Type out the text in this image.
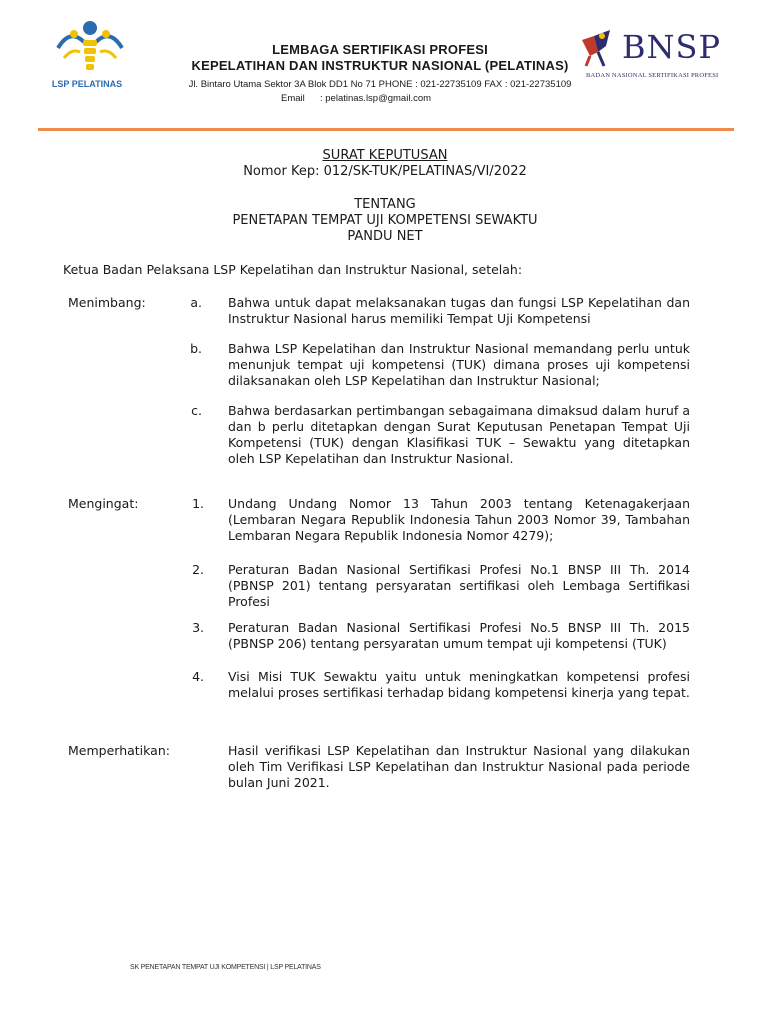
LSP PELATINAS
LEMBAGA SERTIFIKASI PROFESI
KEPELATIHAN DAN INSTRUKTUR NASIONAL (PELATINAS)
Jl. Bintaro Utama Sektor 3A Blok DD1 No 71 PHONE : 021-22735109 FAX : 021-22735109
Email : pelatinas.lsp@gmail.com
BNSP
BADAN NASIONAL SERTIFIKASI PROFESI
SURAT KEPUTUSAN
Nomor Kep: 012/SK-TUK/PELATINAS/VI/2022
TENTANG
PENETAPAN TEMPAT UJI KOMPETENSI SEWAKTU
PANDU NET
Ketua Badan Pelaksana LSP Kepelatihan dan Instruktur Nasional, setelah:
Menimbang:	a. Bahwa untuk dapat melaksanakan tugas dan fungsi LSP Kepelatihan dan Instruktur Nasional harus memiliki Tempat Uji Kompetensi
b. Bahwa LSP Kepelatihan dan Instruktur Nasional memandang perlu untuk menunjuk tempat uji kompetensi (TUK) dimana proses uji kompetensi dilaksanakan oleh LSP Kepelatihan dan Instruktur Nasional;
c. Bahwa berdasarkan pertimbangan sebagaimana dimaksud dalam huruf a dan b perlu ditetapkan dengan Surat Keputusan Penetapan Tempat Uji Kompetensi (TUK) dengan Klasifikasi TUK – Sewaktu yang ditetapkan oleh LSP Kepelatihan dan Instruktur Nasional.
Mengingat:	1. Undang Undang Nomor 13 Tahun 2003 tentang Ketenagakerjaan (Lembaran Negara Republik Indonesia Tahun 2003 Nomor 39, Tambahan Lembaran Negara Republik Indonesia Nomor 4279);
2. Peraturan Badan Nasional Sertifikasi Profesi No.1 BNSP III Th. 2014 (PBNSP 201) tentang persyaratan sertifikasi oleh Lembaga Sertifikasi Profesi
3. Peraturan Badan Nasional Sertifikasi Profesi No.5 BNSP III Th. 2015 (PBNSP 206) tentang persyaratan umum tempat uji kompetensi (TUK)
4. Visi Misi TUK Sewaktu yaitu untuk meningkatkan kompetensi profesi melalui proses sertifikasi terhadap bidang kompetensi kinerja yang tepat.
Memperhatikan:	Hasil verifikasi LSP Kepelatihan dan Instruktur Nasional yang dilakukan oleh Tim Verifikasi LSP Kepelatihan dan Instruktur Nasional pada periode bulan Juni 2021.
SK PENETAPAN TEMPAT UJI KOMPETENSI | LSP PELATINAS
